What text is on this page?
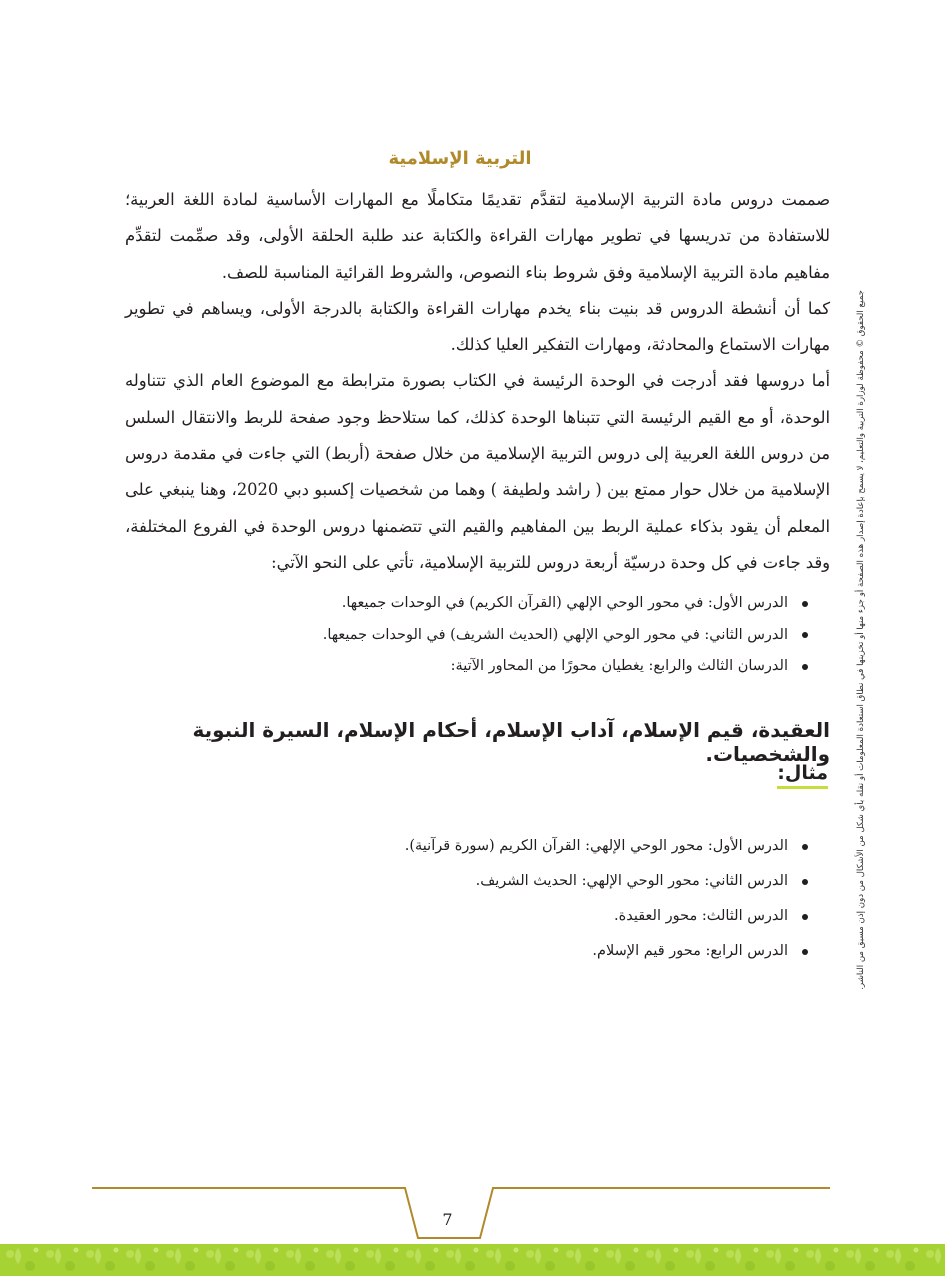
التربية الإسلامية

صممت دروس مادة التربية الإسلامية لتقدَّم تقديمًا متكاملًا مع المهارات الأساسية لمادة اللغة العربية؛ للاستفادة من تدريسها في تطوير مهارات القراءة والكتابة عند طلبة الحلقة الأولى، وقد صمِّمت لتقدِّم مفاهيم مادة التربية الإسلامية وفق شروط بناء النصوص، والشروط القرائية المناسبة للصف.

كما أن أنشطة الدروس قد بنيت بناء يخدم مهارات القراءة والكتابة بالدرجة الأولى، ويساهم في تطوير مهارات الاستماع والمحادثة، ومهارات التفكير العليا كذلك.

أما دروسها فقد أدرجت في الوحدة الرئيسة في الكتاب بصورة مترابطة مع الموضوع العام الذي تتناوله الوحدة، أو مع القيم الرئيسة التي تتبناها الوحدة كذلك، كما ستلاحظ وجود صفحة للربط والانتقال السلس من دروس اللغة العربية إلى دروس التربية الإسلامية من خلال صفحة (أربط) التي جاءت في مقدمة دروس الإسلامية من خلال حوار ممتع بين ( راشد ولطيفة ) وهما من شخصيات إكسبو دبي 2020، وهنا ينبغي على المعلم أن يقود بذكاء عملية الربط بين المفاهيم والقيم التي تتضمنها دروس الوحدة في الفروع المختلفة، وقد جاءت في كل وحدة درسيّة أربعة دروس للتربية الإسلامية، تأتي على النحو الآتي:

الدرس الأول: في محور الوحي الإلهي (القرآن الكريم) في الوحدات جميعها.
الدرس الثاني: في محور الوحي الإلهي (الحديث الشريف) في الوحدات جميعها.
الدرسان الثالث والرابع: يغطيان محورًا من المحاور الآتية:
العقيدة، قيم الإسلام، آداب الإسلام، أحكام الإسلام، السيرة النبوية والشخصيات.
مثال:
الدرس الأول: محور الوحي الإلهي: القرآن الكريم (سورة قرآنية).
الدرس الثاني: محور الوحي الإلهي: الحديث الشريف.
الدرس الثالث: محور العقيدة.
الدرس الرابع: محور قيم الإسلام.	جميع الحقوق © محفوظة لوزارة التربية والتعليم، لا يسمح بإعادة إصدار هذه الصفحة أو جزء منها أو تخزينها في نطاق استعادة المعلومات أو نقله بأي شكل من الأشكال من دون إذن مسبق من الناشر.
7
